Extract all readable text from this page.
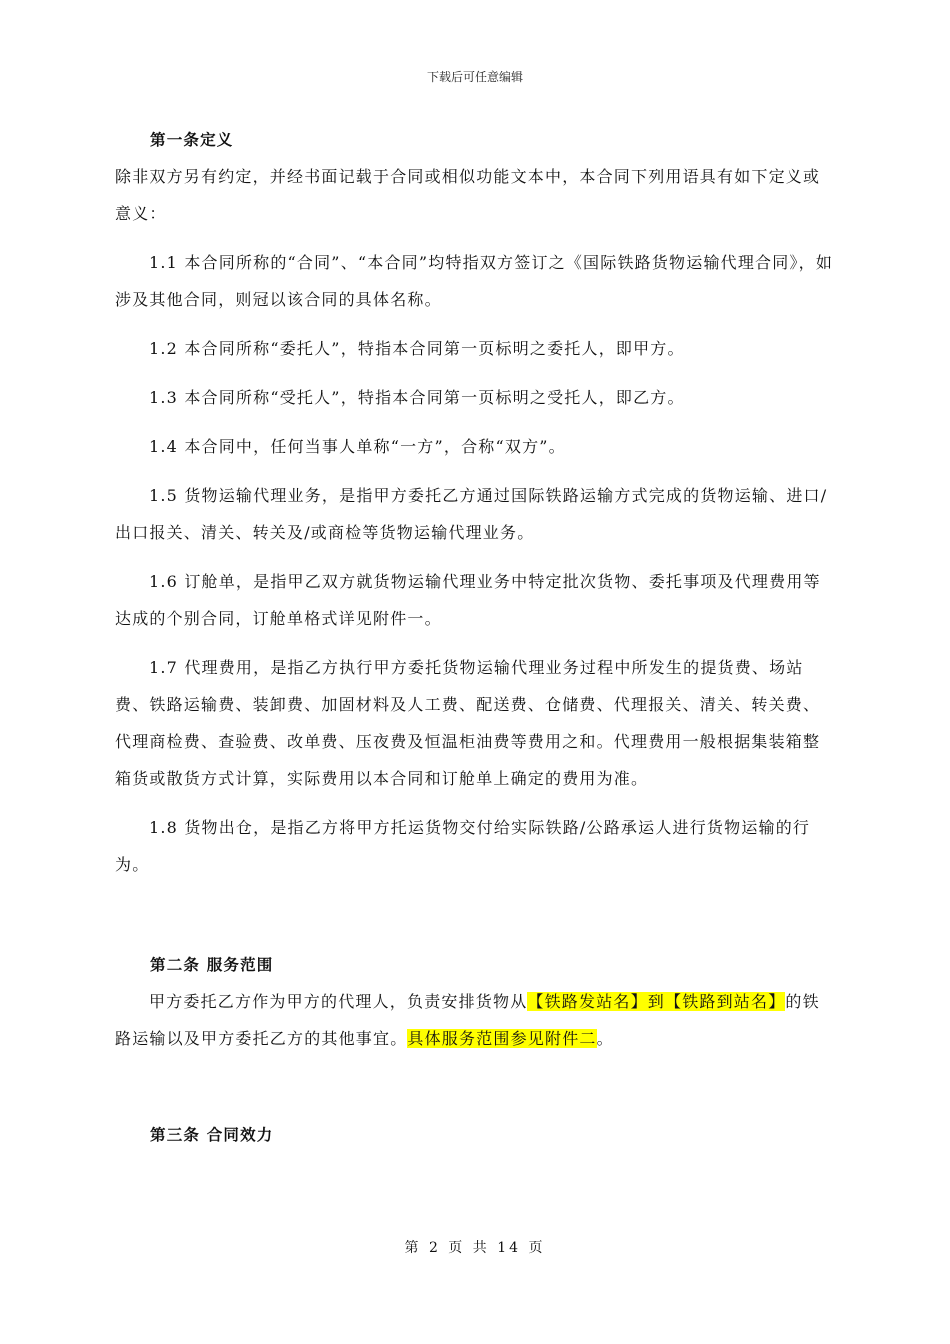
下载后可任意编辑

第一条定义

除非双方另有约定，并经书面记载于合同或相似功能文本中，本合同下列用语具有如下定义或意义：

1.1 本合同所称的“合同”、“本合同”均特指双方签订之《国际铁路货物运输代理合同》，如涉及其他合同，则冠以该合同的具体名称。

1.2 本合同所称“委托人”，特指本合同第一页标明之委托人，即甲方。

1.3 本合同所称“受托人”，特指本合同第一页标明之受托人，即乙方。

1.4 本合同中，任何当事人单称“一方”，合称“双方”。

1.5 货物运输代理业务，是指甲方委托乙方通过国际铁路运输方式完成的货物运输、进口/出口报关、清关、转关及/或商检等货物运输代理业务。

1.6 订舱单，是指甲乙双方就货物运输代理业务中特定批次货物、委托事项及代理费用等达成的个别合同，订舱单格式详见附件一。

1.7 代理费用，是指乙方执行甲方委托货物运输代理业务过程中所发生的提货费、场站费、铁路运输费、装卸费、加固材料及人工费、配送费、仓储费、代理报关、清关、转关费、代理商检费、查验费、改单费、压夜费及恒温柜油费等费用之和。代理费用一般根据集装箱整箱货或散货方式计算，实际费用以本合同和订舱单上确定的费用为准。

1.8 货物出仓，是指乙方将甲方托运货物交付给实际铁路/公路承运人进行货物运输的行为。

第二条 服务范围

甲方委托乙方作为甲方的代理人，负责安排货物从【铁路发站名】到【铁路到站名】的铁路运输以及甲方委托乙方的其他事宜。具体服务范围参见附件二。

第三条 合同效力

第 2 页 共 14 页
